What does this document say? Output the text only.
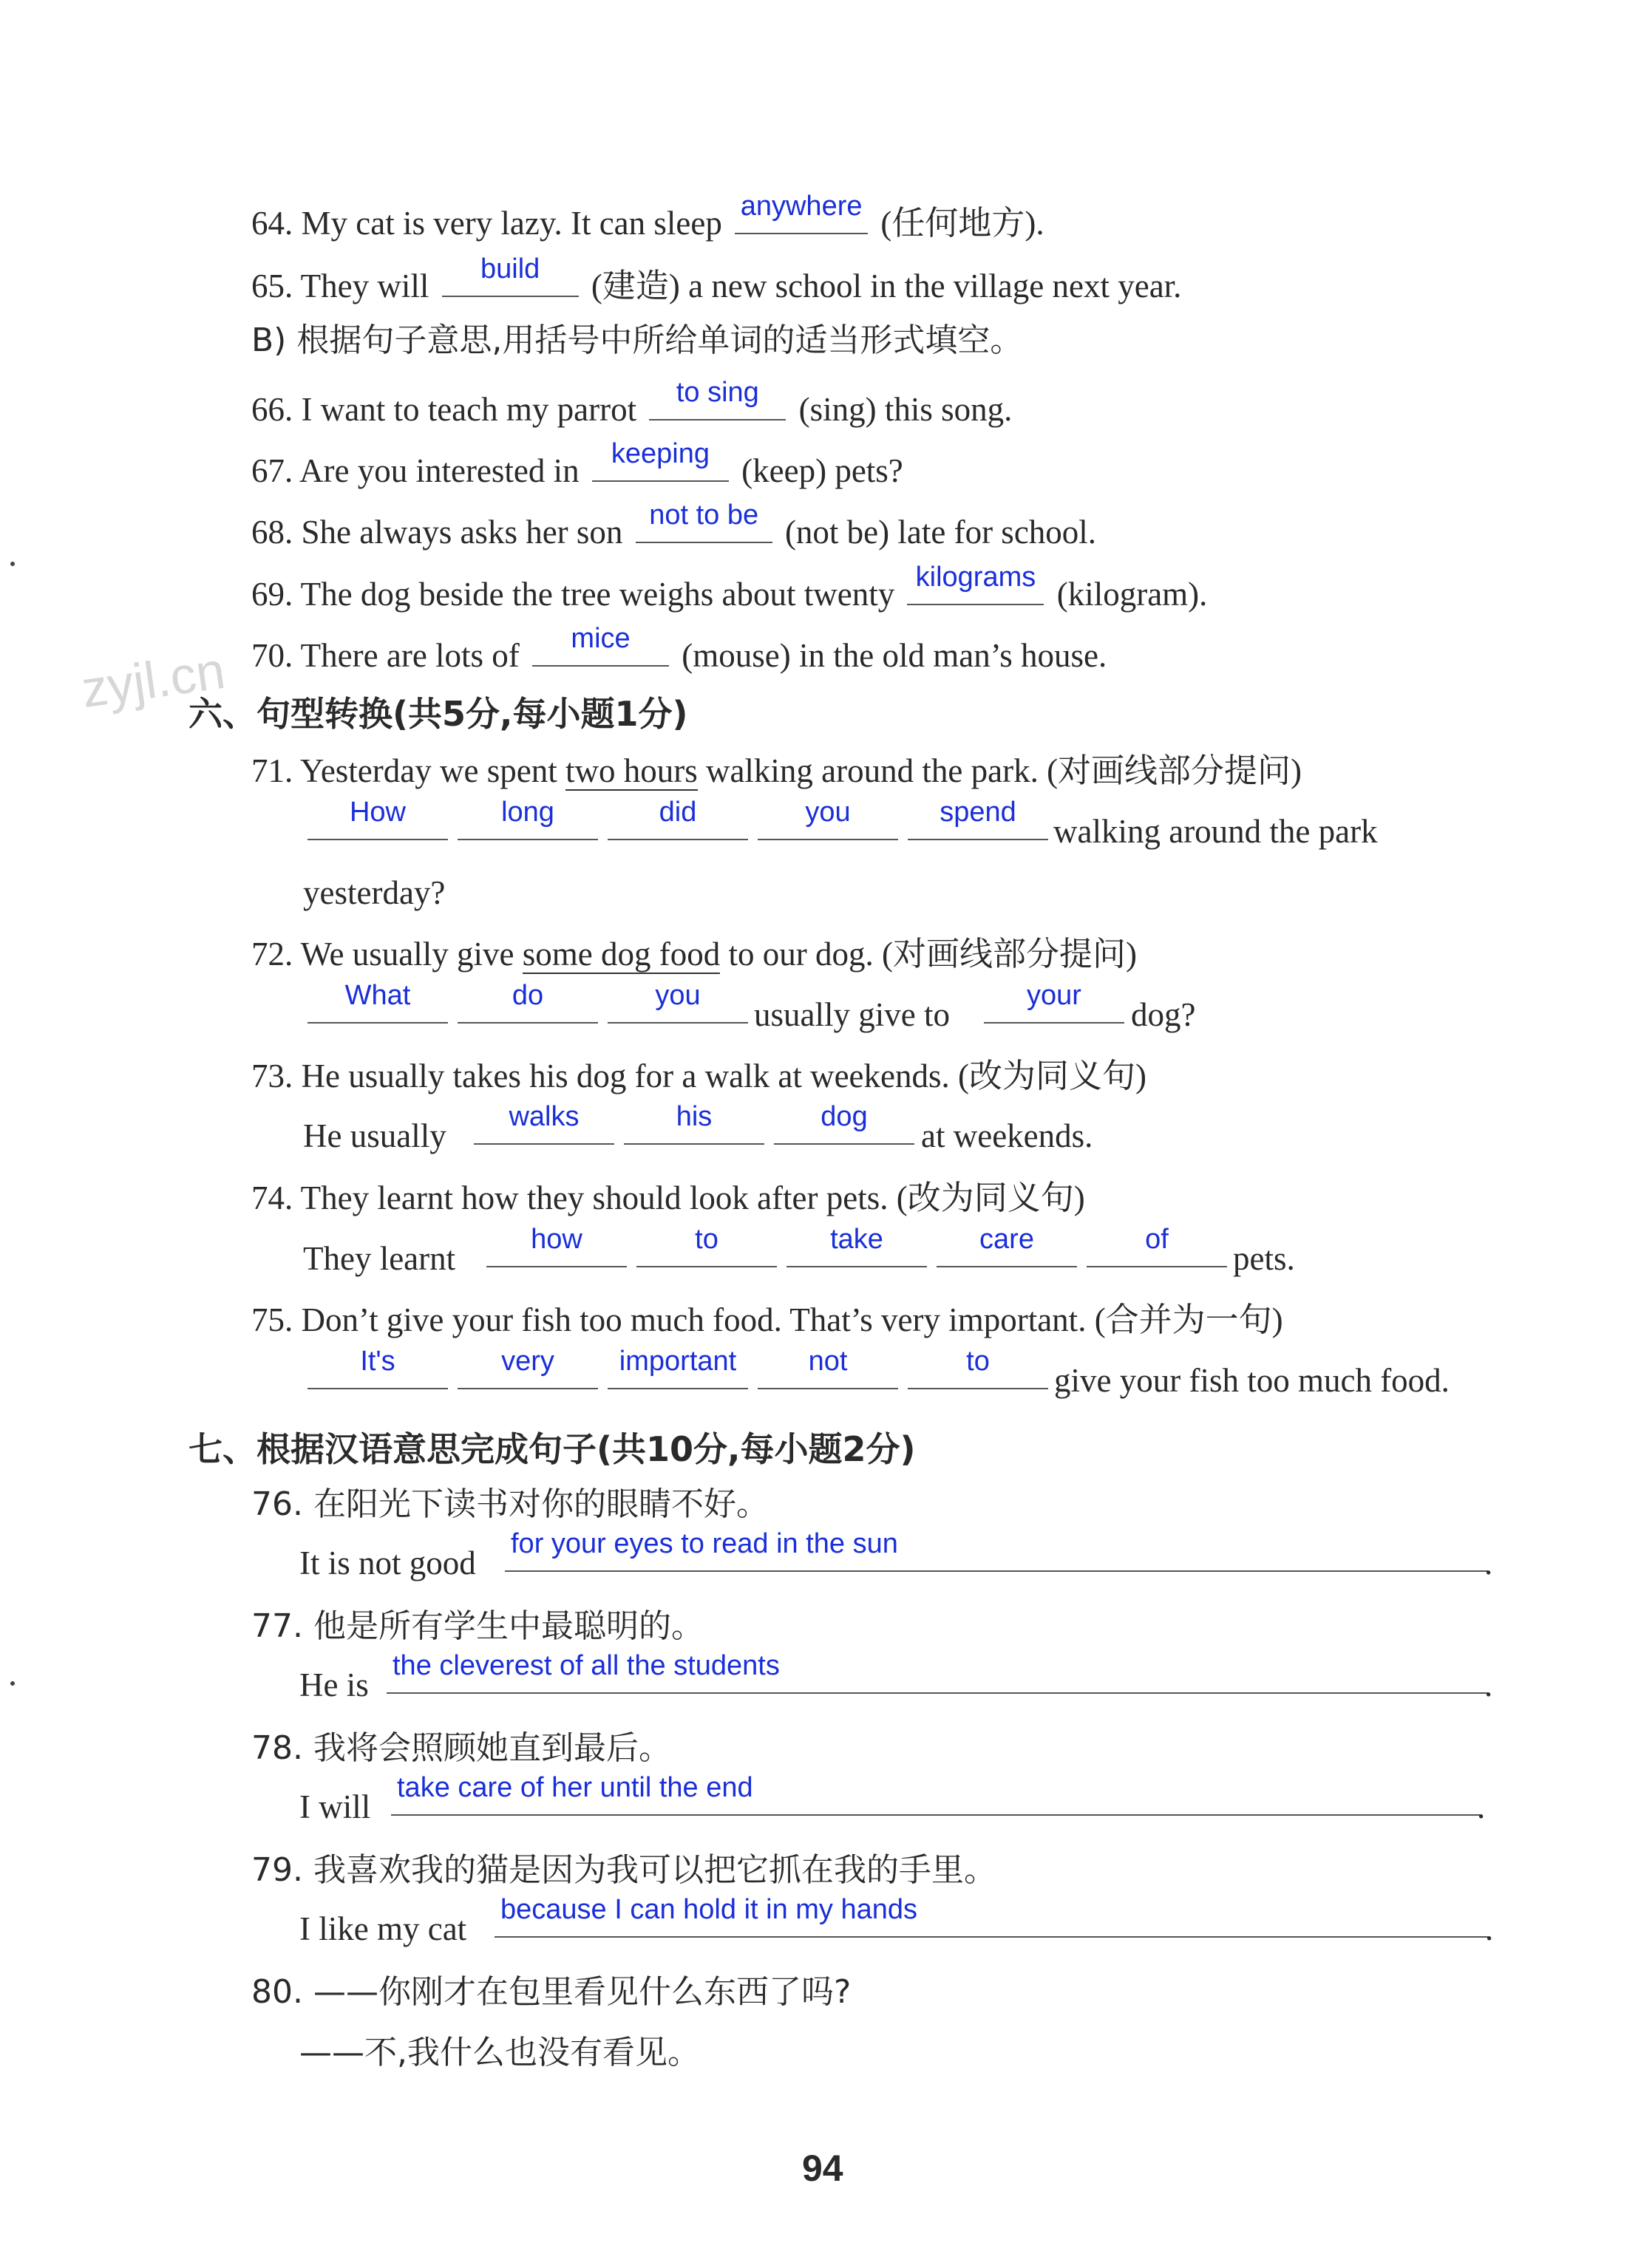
zyjl.cn
64. My cat is very lazy. It can sleep anywhere (任何地方).
65. They will	build	(建造) a new school in the village next year.
B) 根据句子意思,用括号中所给单词的适当形式填空。
66. I want to teach my parrot	to sing	(sing) this song.
67. Are you interested in	keeping (keep) pets?
68. She always asks her son not to be (not be) late for school.
69. The dog beside the tree weighs about twenty kilograms (kilogram).
70. There are lots of	mice	(mouse) in the old man’s house.
六、句型转换(共5分,每小题1分)
71. Yesterday we spent two hours walking around the park. (对画线部分提问)
How	long	did	you	spend
walking around the park
yesterday?
72. We usually give some dog food to our dog. (对画线部分提问)
What	do	you
usually give to
your
dog?
73. He usually takes his dog for a walk at weekends. (改为同义句)
He usually
walks	his	dog
at weekends.
74. They learnt how they should look after pets. (改为同义句)
They learnt
how	to	take	care	of
pets.
75. Don’t give your fish too much food. That’s very important. (合并为一句)
It's	very	important	not	to
give your fish too much food.
七、根据汉语意思完成句子(共10分,每小题2分)
76. 在阳光下读书对你的眼睛不好。
It is not good
for your eyes to read in the sun
.
77. 他是所有学生中最聪明的。
He is
the cleverest of all the students
.
78. 我将会照顾她直到最后。
I will
take care of her until the end
.
79. 我喜欢我的猫是因为我可以把它抓在我的手里。
I like my cat
because I can hold it in my hands
.
80. ——你刚才在包里看见什么东西了吗?
——不,我什么也没有看见。
94
